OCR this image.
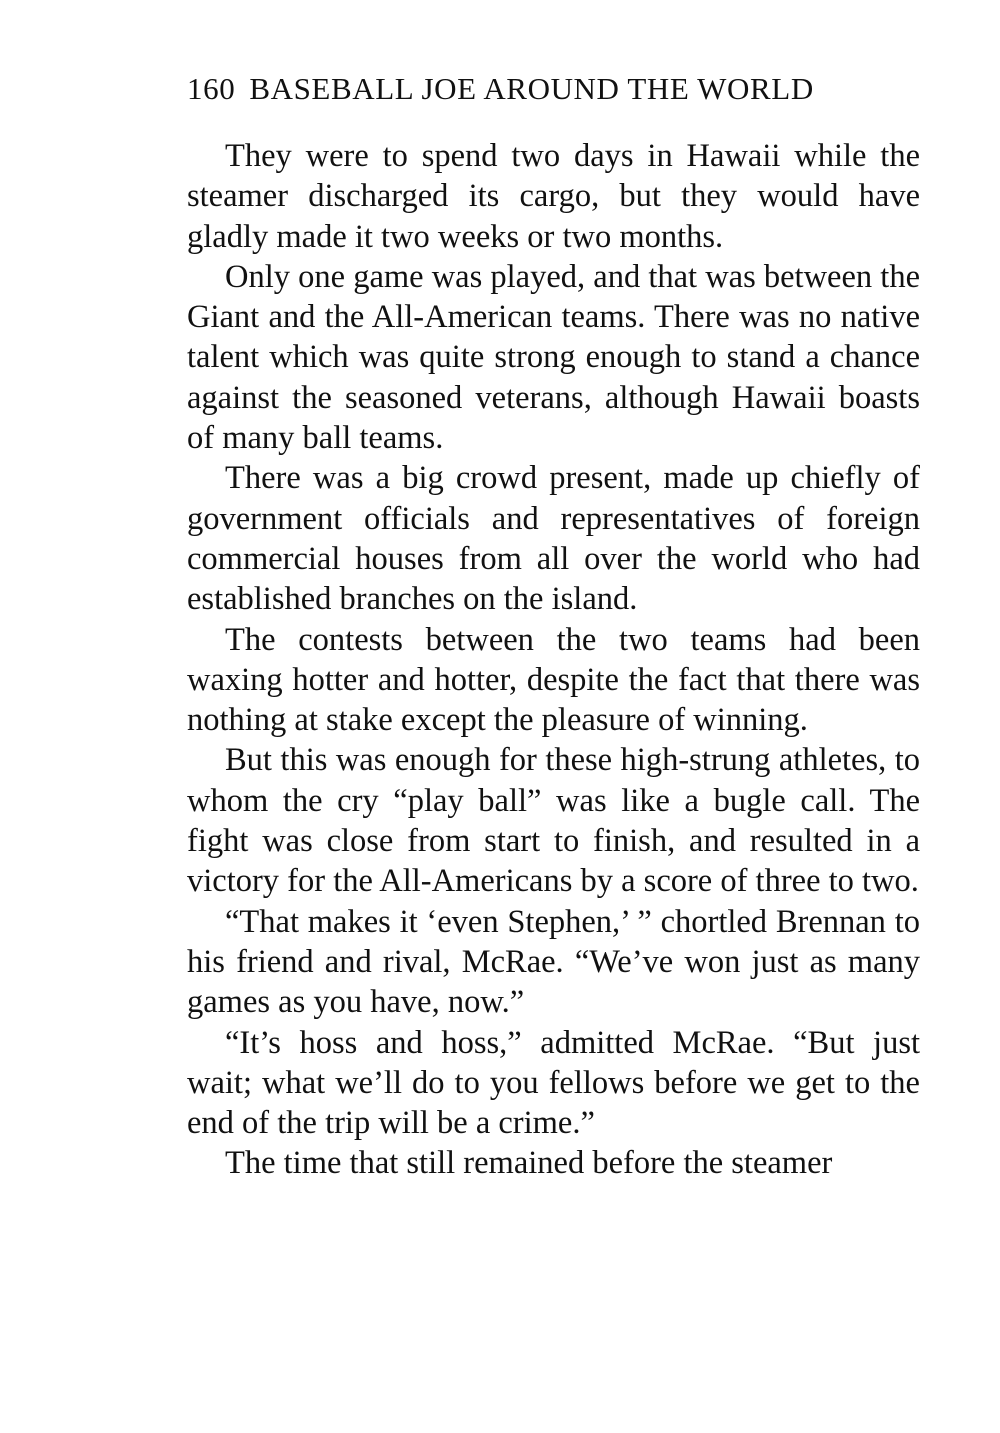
160 BASEBALL JOE AROUND THE WORLD

They were to spend two days in Hawaii while the steamer discharged its cargo, but they would have gladly made it two weeks or two months.

Only one game was played, and that was between the Giant and the All-American teams. There was no native talent which was quite strong enough to stand a chance against the seasoned veterans, although Hawaii boasts of many ball teams.

There was a big crowd present, made up chiefly of government officials and representatives of foreign commercial houses from all over the world who had established branches on the island.

The contests between the two teams had been waxing hotter and hotter, despite the fact that there was nothing at stake except the pleasure of winning.

But this was enough for these high-strung athletes, to whom the cry “play ball” was like a bugle call. The fight was close from start to finish, and resulted in a victory for the All-Americans by a score of three to two.

“That makes it ‘even Stephen,’ ” chortled Brennan to his friend and rival, McRae. “We’ve won just as many games as you have, now.”

“It’s hoss and hoss,” admitted McRae. “But just wait; what we’ll do to you fellows before we get to the end of the trip will be a crime.”

The time that still remained before the steamer
